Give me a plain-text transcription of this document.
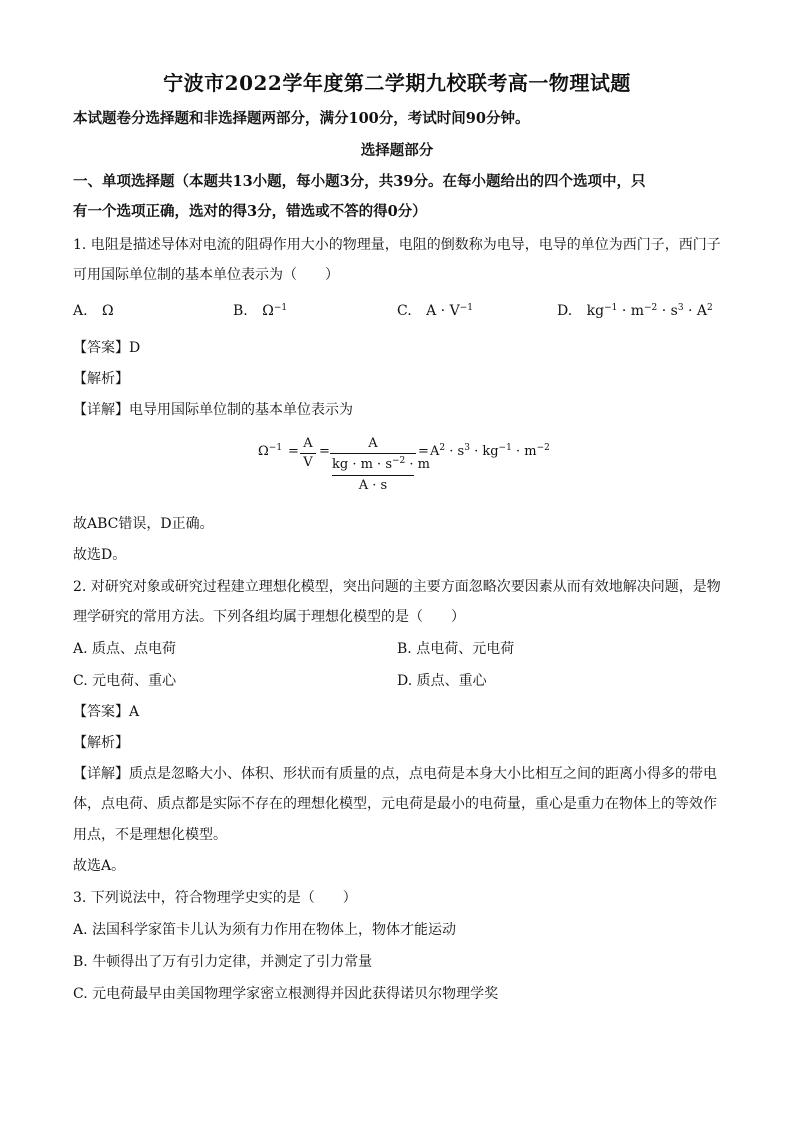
宁波市2022学年度第二学期九校联考高一物理试题
本试题卷分选择题和非选择题两部分，满分100分，考试时间90分钟。
选择题部分
一、单项选择题（本题共13小题，每小题3分，共39分。在每小题给出的四个选项中，只
有一个选项正确，选对的得3分，错选或不答的得0分）
1. 电阻是描述导体对电流的阻碍作用大小的物理量，电阻的倒数称为电导，电导的单位为西门子，西门子
可用国际单位制的基本单位表示为（　　）
A. Ω	B. $\Omega^{-1}$	C. $A \cdot V^{-1}$	D. $kg^{-1} \cdot m^{-2} \cdot s^3 \cdot A^2$
【答案】D
【解析】
【详解】电导用国际单位制的基本单位表示为
$\Omega^{-1}$ =
A
V
=
A
kg · $m \cdot s^{-2} \cdot m$
A · s
= $A^2 \cdot s^3 \cdot kg^{-1} \cdot m^{-2}$
故ABC错误，D正确。
故选D。
2. 对研究对象或研究过程建立理想化模型，突出问题的主要方面忽略次要因素从而有效地解决问题，是物
理学研究的常用方法。下列各组均属于理想化模型的是（　　）
A. 质点、点电荷	B. 点电荷、元电荷
C. 元电荷、重心	D. 质点、重心
【答案】A
【解析】
【详解】质点是忽略大小、体积、形状而有质量的点，点电荷是本身大小比相互之间的距离小得多的带电
体，点电荷、质点都是实际不存在的理想化模型，元电荷是最小的电荷量，重心是重力在物体上的等效作
用点，不是理想化模型。
故选A。
3. 下列说法中，符合物理学史实的是（　　）
A. 法国科学家笛卡儿认为须有力作用在物体上，物体才能运动
B. 牛顿得出了万有引力定律，并测定了引力常量
C. 元电荷最早由美国物理学家密立根测得并因此获得诺贝尔物理学奖
